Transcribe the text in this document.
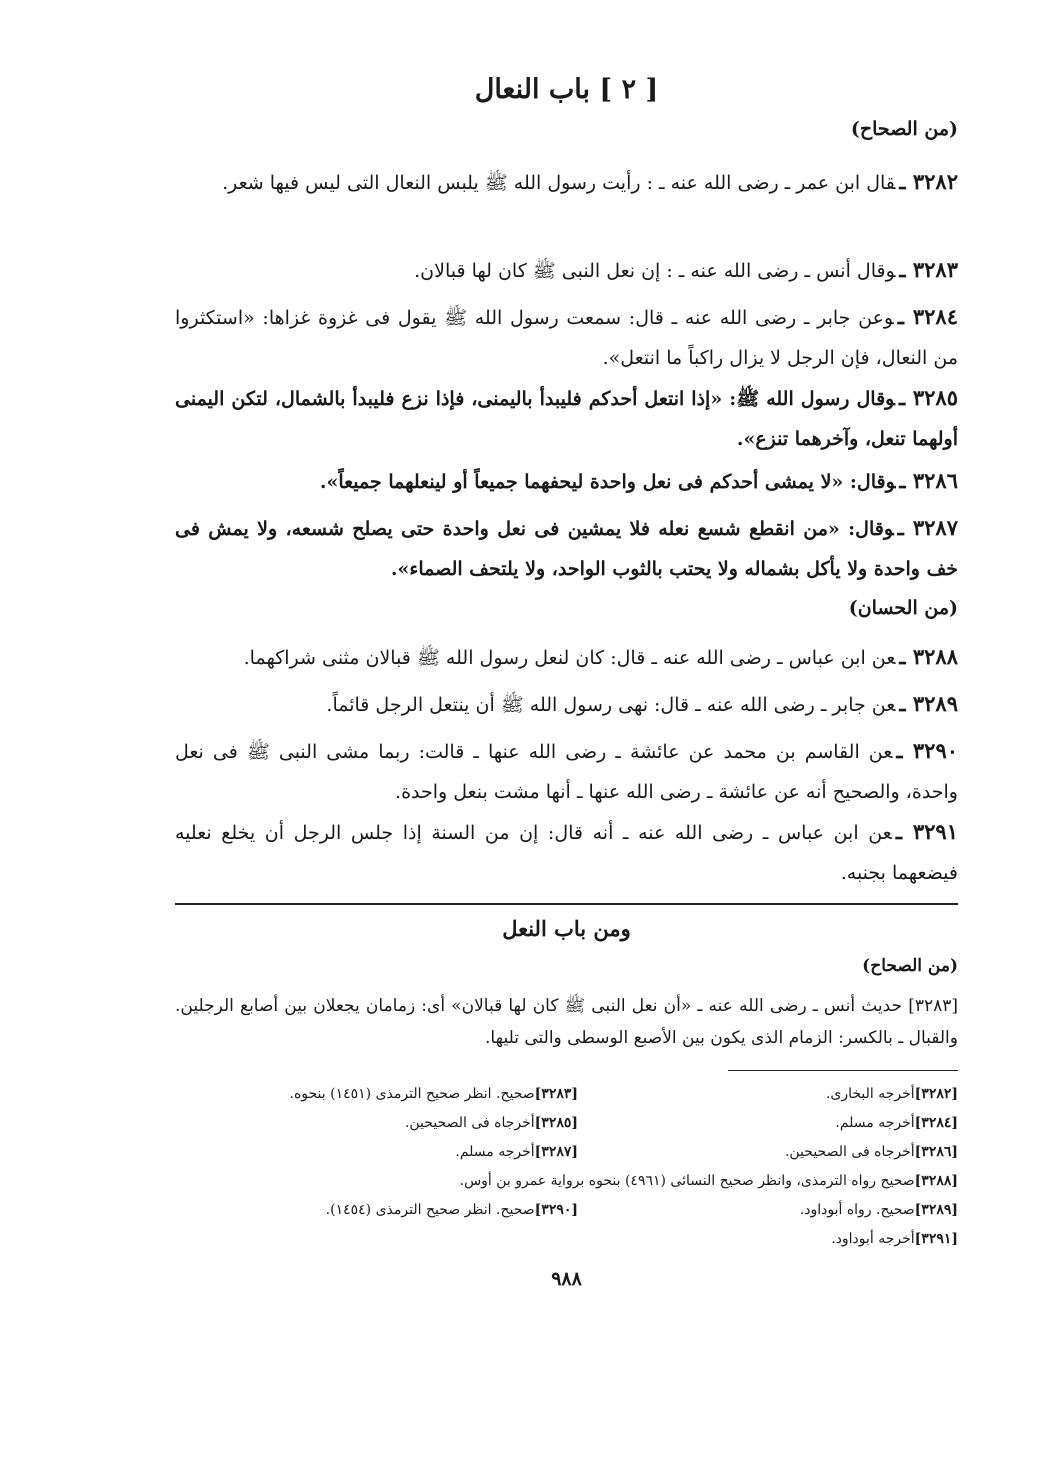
[ ٢ ] باب النعال
(من الصحاح)
٣٢٨٢ ـقال ابن عمر ـ رضى الله عنه ـ : رأيت رسول الله ﷺ يلبس النعال التى ليس فيها شعر.
٣٢٨٣ ـوقال أنس ـ رضى الله عنه ـ : إن نعل النبى ﷺ كان لها قبالان.
٣٢٨٤ ـوعن جابر ـ رضى الله عنه ـ قال: سمعت رسول الله ﷺ يقول فى غزوة غزاها: «استكثروا من النعال، فإن الرجل لا يزال راكباً ما انتعل».
٣٢٨٥ ـوقال رسول الله ﷺ: «إذا انتعل أحدكم فليبدأ باليمنى، فإذا نزع فليبدأ بالشمال، لتكن اليمنى أولهما تنعل، وآخرهما تنزع».
٣٢٨٦ ـوقال: «لا يمشى أحدكم فى نعل واحدة ليحفهما جميعاً أو لينعلهما جميعاً».
٣٢٨٧ ـوقال: «من انقطع شسع نعله فلا يمشين فى نعل واحدة حتى يصلح شسعه، ولا يمش فى خف واحدة ولا يأكل بشماله ولا يحتب بالثوب الواحد، ولا يلتحف الصماء».
(من الحسان)
٣٢٨٨ ـعن ابن عباس ـ رضى الله عنه ـ قال: كان لنعل رسول الله ﷺ قبالان مثنى شراكهما.
٣٢٨٩ ـعن جابر ـ رضى الله عنه ـ قال: نهى رسول الله ﷺ أن ينتعل الرجل قائماً.
٣٢٩٠ ـعن القاسم بن محمد عن عائشة ـ رضى الله عنها ـ قالت: ربما مشى النبى ﷺ فى نعل واحدة، والصحيح أنه عن عائشة ـ رضى الله عنها ـ أنها مشت بنعل واحدة.
٣٢٩١ ـعن ابن عباس ـ رضى الله عنه ـ أنه قال: إن من السنة إذا جلس الرجل أن يخلع نعليه فيضعهما بجنبه.
ومن باب النعل
(من الصحاح)
[٣٢٨٣] حديث أنس ـ رضى الله عنه ـ «أن نعل النبى ﷺ كان لها قبالان» أى: زمامان يجعلان بين أصابع الرجلين. والقبال ـ بالكسر: الزمام الذى يكون بين الأصبع الوسطى والتى تليها.
[٣٢٨٢]أخرجه البخارى.
[٣٢٨٣]صحيح. انظر صحيح الترمذى (١٤٥١) بنحوه.
[٣٢٨٤]أخرجه مسلم.
[٣٢٨٥]أخرجاه فى الصحيحين.
[٣٢٨٦]أخرجاه فى الصحيحين.
[٣٢٨٧]أخرجه مسلم.
[٣٢٨٨]صحيح رواه الترمذى، وانظر صحيح النسائى (٤٩٦١) بنحوه برواية عمرو بن أوس.
[٣٢٨٩]صحيح. رواه أبوداود.
[٣٢٩٠]صحيح. انظر صحيح الترمذى (١٤٥٤).
[٣٢٩١]أخرجه أبوداود.
٩٨٨
